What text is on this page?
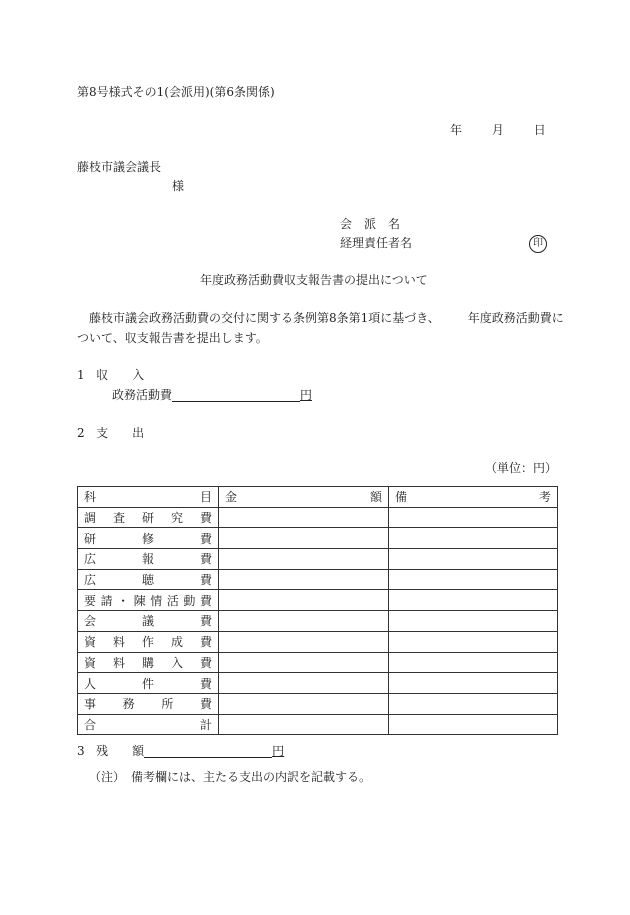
第8号様式その1(会派用)(第6条関係)
年 月 日
藤枝市議会議長
様
会　派　名
経理責任者名	印
年度政務活動費収支報告書の提出について
藤枝市議会政務活動費の交付に関する条例第8条第1項に基づき、 年度政務活動費に
ついて、収支報告書を提出します。
1 収　　入
政務活動費	円
2 支　　出
（単位：円）
科目	金額	備考
調査研究費		
研修費		
広報費		
広聴費		
要請・陳情活動費		
会議費		
資料作成費		
資料購入費		
人件費		
事務所費		
合計		
3 残　　額	円
（注）　備考欄には、主たる支出の内訳を記載する。
